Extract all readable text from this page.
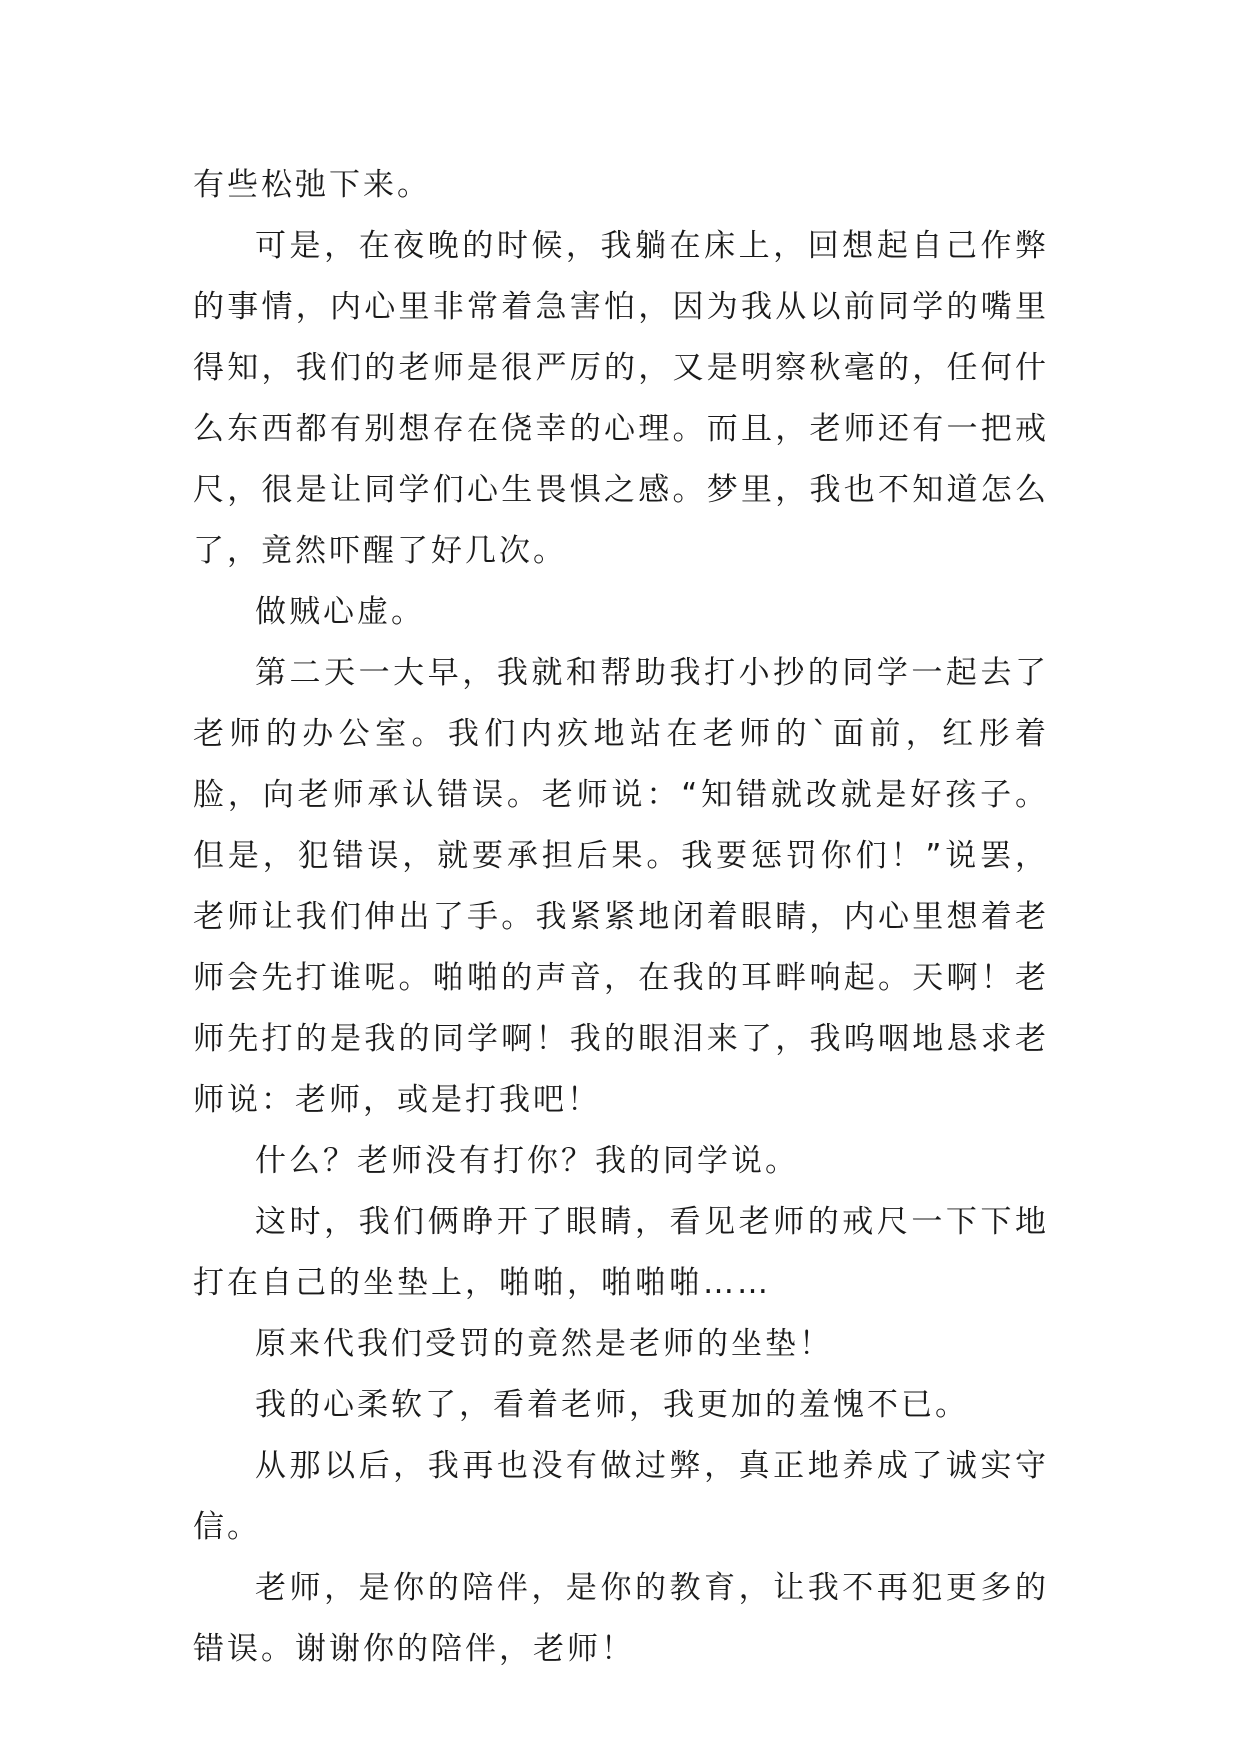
有些松弛下来。

可是，在夜晚的时候，我躺在床上，回想起自己作弊的事情，内心里非常着急害怕，因为我从以前同学的嘴里得知，我们的老师是很严厉的，又是明察秋毫的，任何什么东西都有别想存在侥幸的心理。而且，老师还有一把戒尺，很是让同学们心生畏惧之感。梦里，我也不知道怎么了，竟然吓醒了好几次。

做贼心虚。

第二天一大早，我就和帮助我打小抄的同学一起去了老师的办公室。我们内疚地站在老师的`面前，红彤着脸，向老师承认错误。老师说：“知错就改就是好孩子。但是，犯错误，就要承担后果。我要惩罚你们！”说罢，老师让我们伸出了手。我紧紧地闭着眼睛，内心里想着老师会先打谁呢。啪啪的声音，在我的耳畔响起。天啊！老师先打的是我的同学啊！我的眼泪来了，我呜咽地恳求老师说：老师，或是打我吧！

什么？老师没有打你？我的同学说。

这时，我们俩睁开了眼睛，看见老师的戒尺一下下地打在自己的坐垫上，啪啪，啪啪啪……

原来代我们受罚的竟然是老师的坐垫！

我的心柔软了，看着老师，我更加的羞愧不已。

从那以后，我再也没有做过弊，真正地养成了诚实守信。

老师，是你的陪伴，是你的教育，让我不再犯更多的错误。谢谢你的陪伴，老师！
